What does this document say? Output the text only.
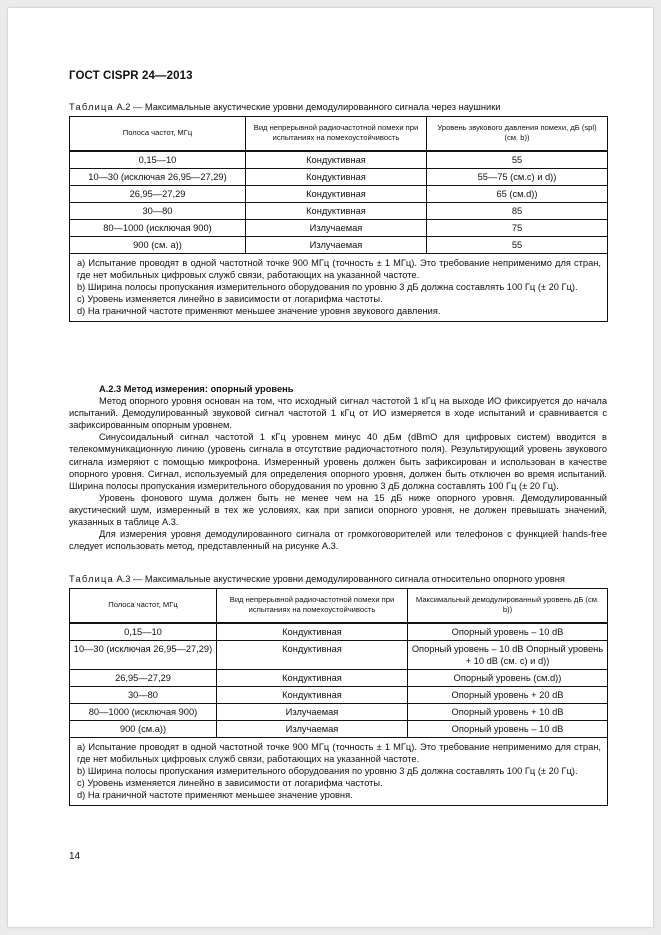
ГОСТ CISPR 24—2013
Таблица А.2 — Максимальные акустические уровни демодулированного сигнала через наушники
Полоса частот, МГц	Вид непрерывной радиочастотной помехи при испытаниях на помехоустойчивость	Уровень звукового давления помехи, дБ (spl) (см. b))
0,15—10	Кондуктивная	55
10—30 (исключая 26,95—27,29)	Кондуктивная	55—75 (см.c) и d))
26,95—27,29	Кондуктивная	65 (см.d))
30—80	Кондуктивная	85
80—1000 (исключая 900)	Излучаемая	75
900 (см. a))	Излучаемая	55

a) Испытание проводят в одной частотной точке 900 МГц (точность ± 1 МГц). Это требование неприменимо для стран, где нет мобильных цифровых служб связи, работающих на указанной частоте.
b) Ширина полосы пропускания измерительного оборудования по уровню 3 дБ должна составлять 100 Гц (± 20 Гц).
c) Уровень изменяется линейно в зависимости от логарифма частоты.
d) На граничной частоте применяют меньшее значение уровня звукового давления.		
А.2.3 Метод измерения: опорный уровень

Метод опорного уровня основан на том, что исходный сигнал частотой 1 кГц на выходе ИО фиксируется до начала испытаний. Демодулированный звуковой сигнал частотой 1 кГц от ИО измеряется в ходе испытаний и сравнивается с зафиксированным опорным уровнем.

Синусоидальный сигнал частотой 1 кГц уровнем минус 40 дБм (dBmO для цифровых систем) вводится в телекоммуникационную линию (уровень сигнала в отсутствие радиочастотного поля). Результирующий уровень звукового сигнала измеряют с помощью микрофона. Измеренный уровень должен быть зафиксирован и использован в качестве опорного уровня. Сигнал, используемый для определения опорного уровня, должен быть отключен во время испытаний. Ширина полосы пропускания измерительного оборудования по уровню 3 дБ должна составлять 100 Гц (± 20 Гц).

Уровень фонового шума должен быть не менее чем на 15 дБ ниже опорного уровня. Демодулированный акустический шум, измеренный в тех же условиях, как при записи опорного уровня, не должен превышать значений, указанных в таблице А.3.

Для измерения уровня демодулированного сигнала от громкоговорителей или телефонов с функцией hands-free следует использовать метод, представленный на рисунке А.3.

Таблица А.3 — Максимальные акустические уровни демодулированного сигнала относительно опорного уровня
Полоса частот, МГц	Вид непрерывной радиочастотной помехи при испытаниях на помехоустойчивость	Максимальный демодулированный уровень дБ (см. b))
0,15—10	Кондуктивная	Опорный уровень – 10 dB
10—30 (исключая 26,95—27,29)	Кондуктивная	Опорный уровень – 10 dB Опорный уровень + 10 dB (см. c) и d))
26,95—27,29	Кондуктивная	Опорный уровень (см.d))
30—80	Кондуктивная	Опорный уровень + 20 dB
80—1000 (исключая 900)	Излучаемая	Опорный уровень + 10 dB
900 (см.a))	Излучаемая	Опорный уровень – 10 dB

a) Испытание проводят в одной частотной точке 900 МГц (точность ± 1 МГц). Это требование неприменимо для стран, где нет мобильных цифровых служб связи, работающих на указанной частоте.
b) Ширина полосы пропускания измерительного оборудования по уровню 3 дБ должна составлять 100 Гц (± 20 Гц).
c) Уровень изменяется линейно в зависимости от логарифма частоты.
d) На граничной частоте применяют меньшее значение уровня.		
14
